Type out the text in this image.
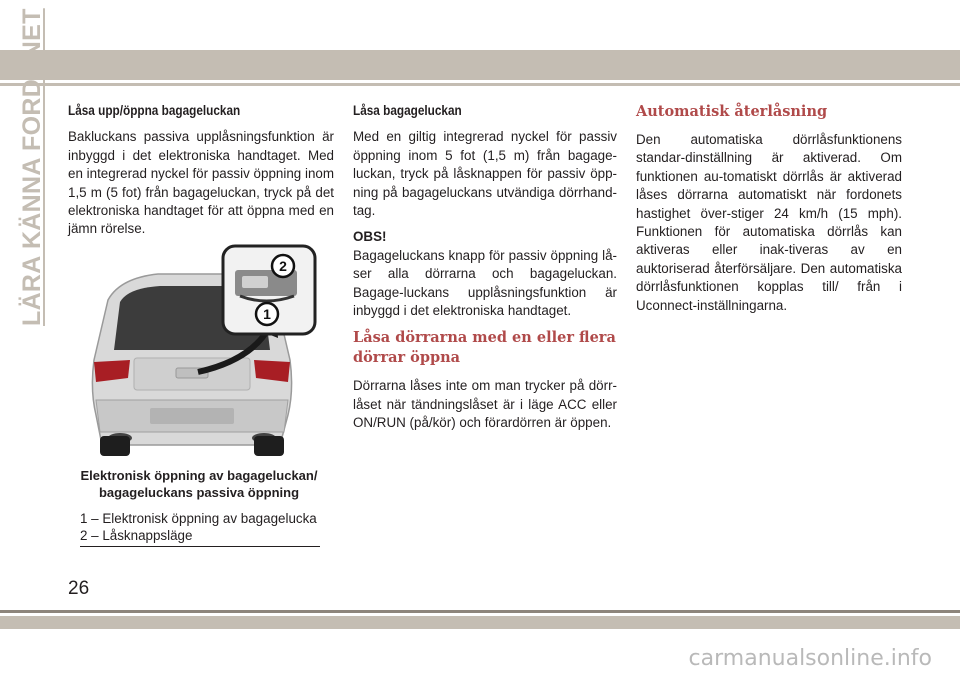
LÄRA KÄNNA FORDONET Låsa upp/öppna bagageluckan

Bakluckans passiva upplåsningsfunktion är inbyggd i det elektroniska handtaget. Med en integrerad nyckel för passiv öppning inom 1,5 m (5 fot) från bagageluckan, tryck på det elektroniska handtaget för att öppna med en jämn rörelse.

2
1
Elektronisk öppning av bagageluckan/ bagageluckans passiva öppning
1 – Elektronisk öppning av bagagelucka
2 – Låsknappsläge
Låsa bagageluckan

Med en giltig integrerad nyckel för passiv öppning inom 5 fot (1,5 m) från bagage-luckan, tryck på låsknappen för passiv öpp-ning på bagageluckans utvändiga dörrhand-tag.

OBS!

Bagageluckans knapp för passiv öppning lå-ser alla dörrarna och bagageluckan. Bagage-luckans upplåsningsfunktion är inbyggd i det elektroniska handtaget.

Låsa dörrarna med en eller flera dörrar öppna

Dörrarna låses inte om man trycker på dörr-låset när tändningslåset är i läge ACC eller ON/RUN (på/kör) och förardörren är öppen.

Automatisk återlåsning

Den automatiska dörrlåsfunktionens standar-dinställning är aktiverad. Om funktionen au-tomatiskt dörrlås är aktiverad låses dörrarna automatiskt när fordonets hastighet över-stiger 24 km/h (15 mph). Funktionen för automatiska dörrlås kan aktiveras eller inak-tiveras av en auktoriserad återförsäljare. Den automatiska dörrlåsfunktionen kopplas till/ från i Uconnect-inställningarna.

26
carmanualsonline.info
